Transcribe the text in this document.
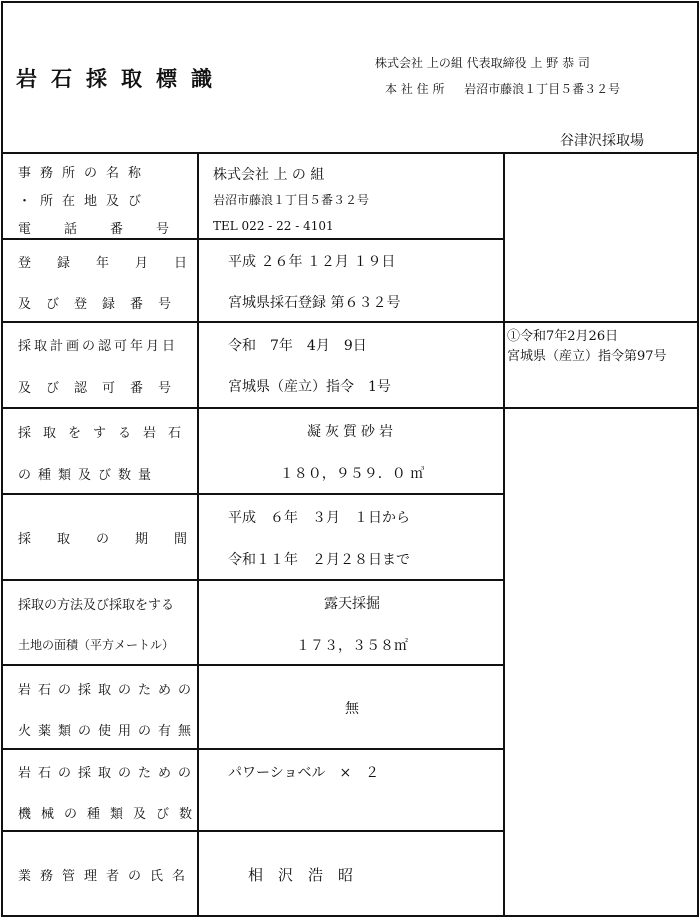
岩石採取標識
株式会社 上の組 代表取締役 上 野 恭 司
本 社 住 所 　 岩沼市藤浪１丁目５番３２号
谷津沢採取場
事務所の名称
・所在地及び
電話番号
株式会社 上 の 組
岩沼市藤浪１丁目５番３２号
TEL 022 - 22 - 4101
登録年月日
及び登録番号
平成 ２６年 １２月 １９日
宮城県採石登録 第６３２号
採取計画の認可年月日
及び認可番号
令和　7年　4月　9日
宮城県（産立）指令　1号
①令和7年2月26日
宮城県（産立）指令第97号
採取をする岩石
の種類及び数量
凝灰質砂岩
１８０，９５９．０ ㎥
採取の期間
平成　６年　３月　１日から
令和１１年　２月２８日まで
採取の方法及び採取をする
土地の面積（平方メートル）
露天採掘
１７３，３５８㎡
岩石の採取のための
火薬類の使用の有無
無
岩石の採取のための
機械の種類及び数
パワーショベル　×　２
業務管理者の氏名	相　沢　浩　昭
